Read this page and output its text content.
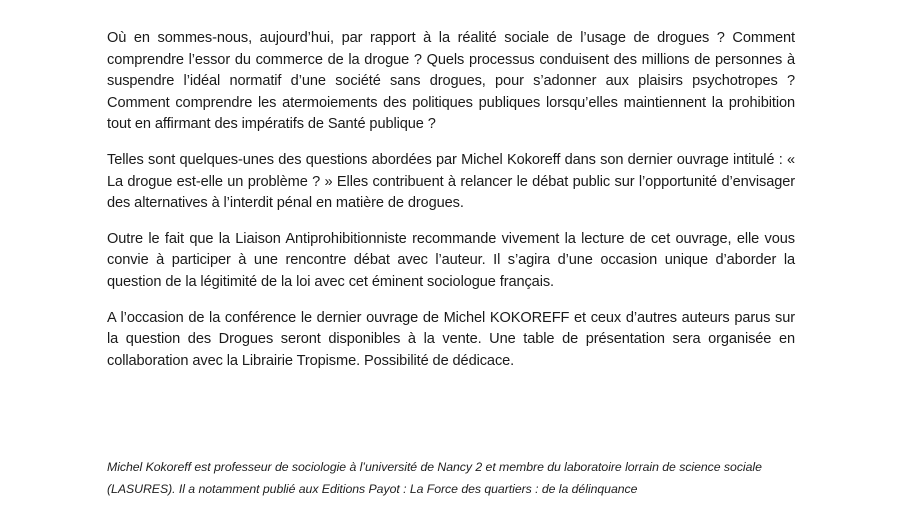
Où en sommes-nous, aujourd’hui, par rapport à la réalité sociale de l’usage de drogues ? Comment comprendre l’essor du commerce de la drogue ? Quels processus conduisent des millions de personnes à suspendre l’idéal normatif d’une société sans drogues, pour s’adonner aux plaisirs psychotropes ? Comment comprendre les atermoiements des politiques publiques lorsqu’elles maintiennent la prohibition tout en affirmant des impératifs de Santé publique ?

Telles sont quelques-unes des questions abordées par Michel Kokoreff dans son dernier ouvrage intitulé : « La drogue est-elle un problème ? » Elles contribuent à relancer le débat public sur l’opportunité d’envisager des alternatives à l’interdit pénal en matière de drogues.

Outre le fait que la Liaison Antiprohibitionniste recommande vivement la lecture de cet ouvrage, elle vous convie à participer à une rencontre débat avec l’auteur. Il s’agira d’une occasion unique d’aborder la question de la légitimité de la loi avec cet éminent sociologue français.

A l’occasion de la conférence le dernier ouvrage de Michel KOKOREFF et ceux d’autres auteurs parus sur la question des Drogues seront disponibles à la vente. Une table de présentation sera organisée en collaboration avec la Librairie Tropisme. Possibilité de dédicace.

Michel Kokoreff est professeur de sociologie à l’université de Nancy 2 et membre du laboratoire lorrain de science sociale (LASURES). Il a notamment publié aux Editions Payot : La Force des quartiers : de la délinquance
